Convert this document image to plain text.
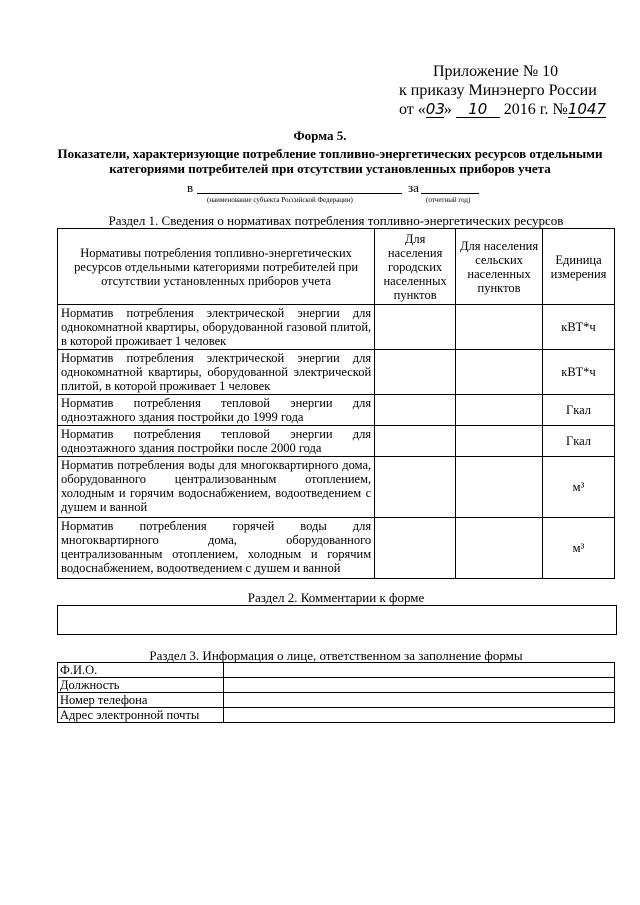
Приложение № 10
к приказу Минэнерго России
от «03» 10 2016 г. №1047
Форма 5.
Показатели, характеризующие потребление топливно-энергетических ресурсов отдельными
категориями потребителей при отсутствии установленных приборов учета
в	за
(наименование субъекта Российской Федерации)	(отчетный год)
Раздел 1. Сведения о нормативах потребления топливно-энергетических ресурсов
Нормативы потребления топливно-энергетических ресурсов отдельными категориями потребителей при отсутствии установленных приборов учета	Для населения городских населенных пунктов	Для населения сельских населенных пунктов	Единица измерения
Норматив потребления электрической энергии для однокомнатной квартиры, оборудованной газовой плитой, в которой проживает 1 человек			кВТ*ч
Норматив потребления электрической энергии для однокомнатной квартиры, оборудованной электрической плитой, в которой проживает 1 человек			кВТ*ч
Норматив потребления тепловой энергии для одноэтажного здания постройки до 1999 года			Гкал
Норматив потребления тепловой энергии для одноэтажного здания постройки после 2000 года			Гкал
Норматив потребления воды для многоквартирного дома, оборудованного централизованным отоплением, холодным и горячим водоснабжением, водоотведением с душем и ванной			м³
Норматив потребления горячей воды для многоквартирного дома, оборудованного централизованным отоплением, холодным и горячим водоснабжением, водоотведением с душем и ванной			м³
Раздел 2. Комментарии к форме
Раздел 3. Информация о лице, ответственном за заполнение формы
Ф.И.О.	
Должность	
Номер телефона	
Адрес электронной почты	
